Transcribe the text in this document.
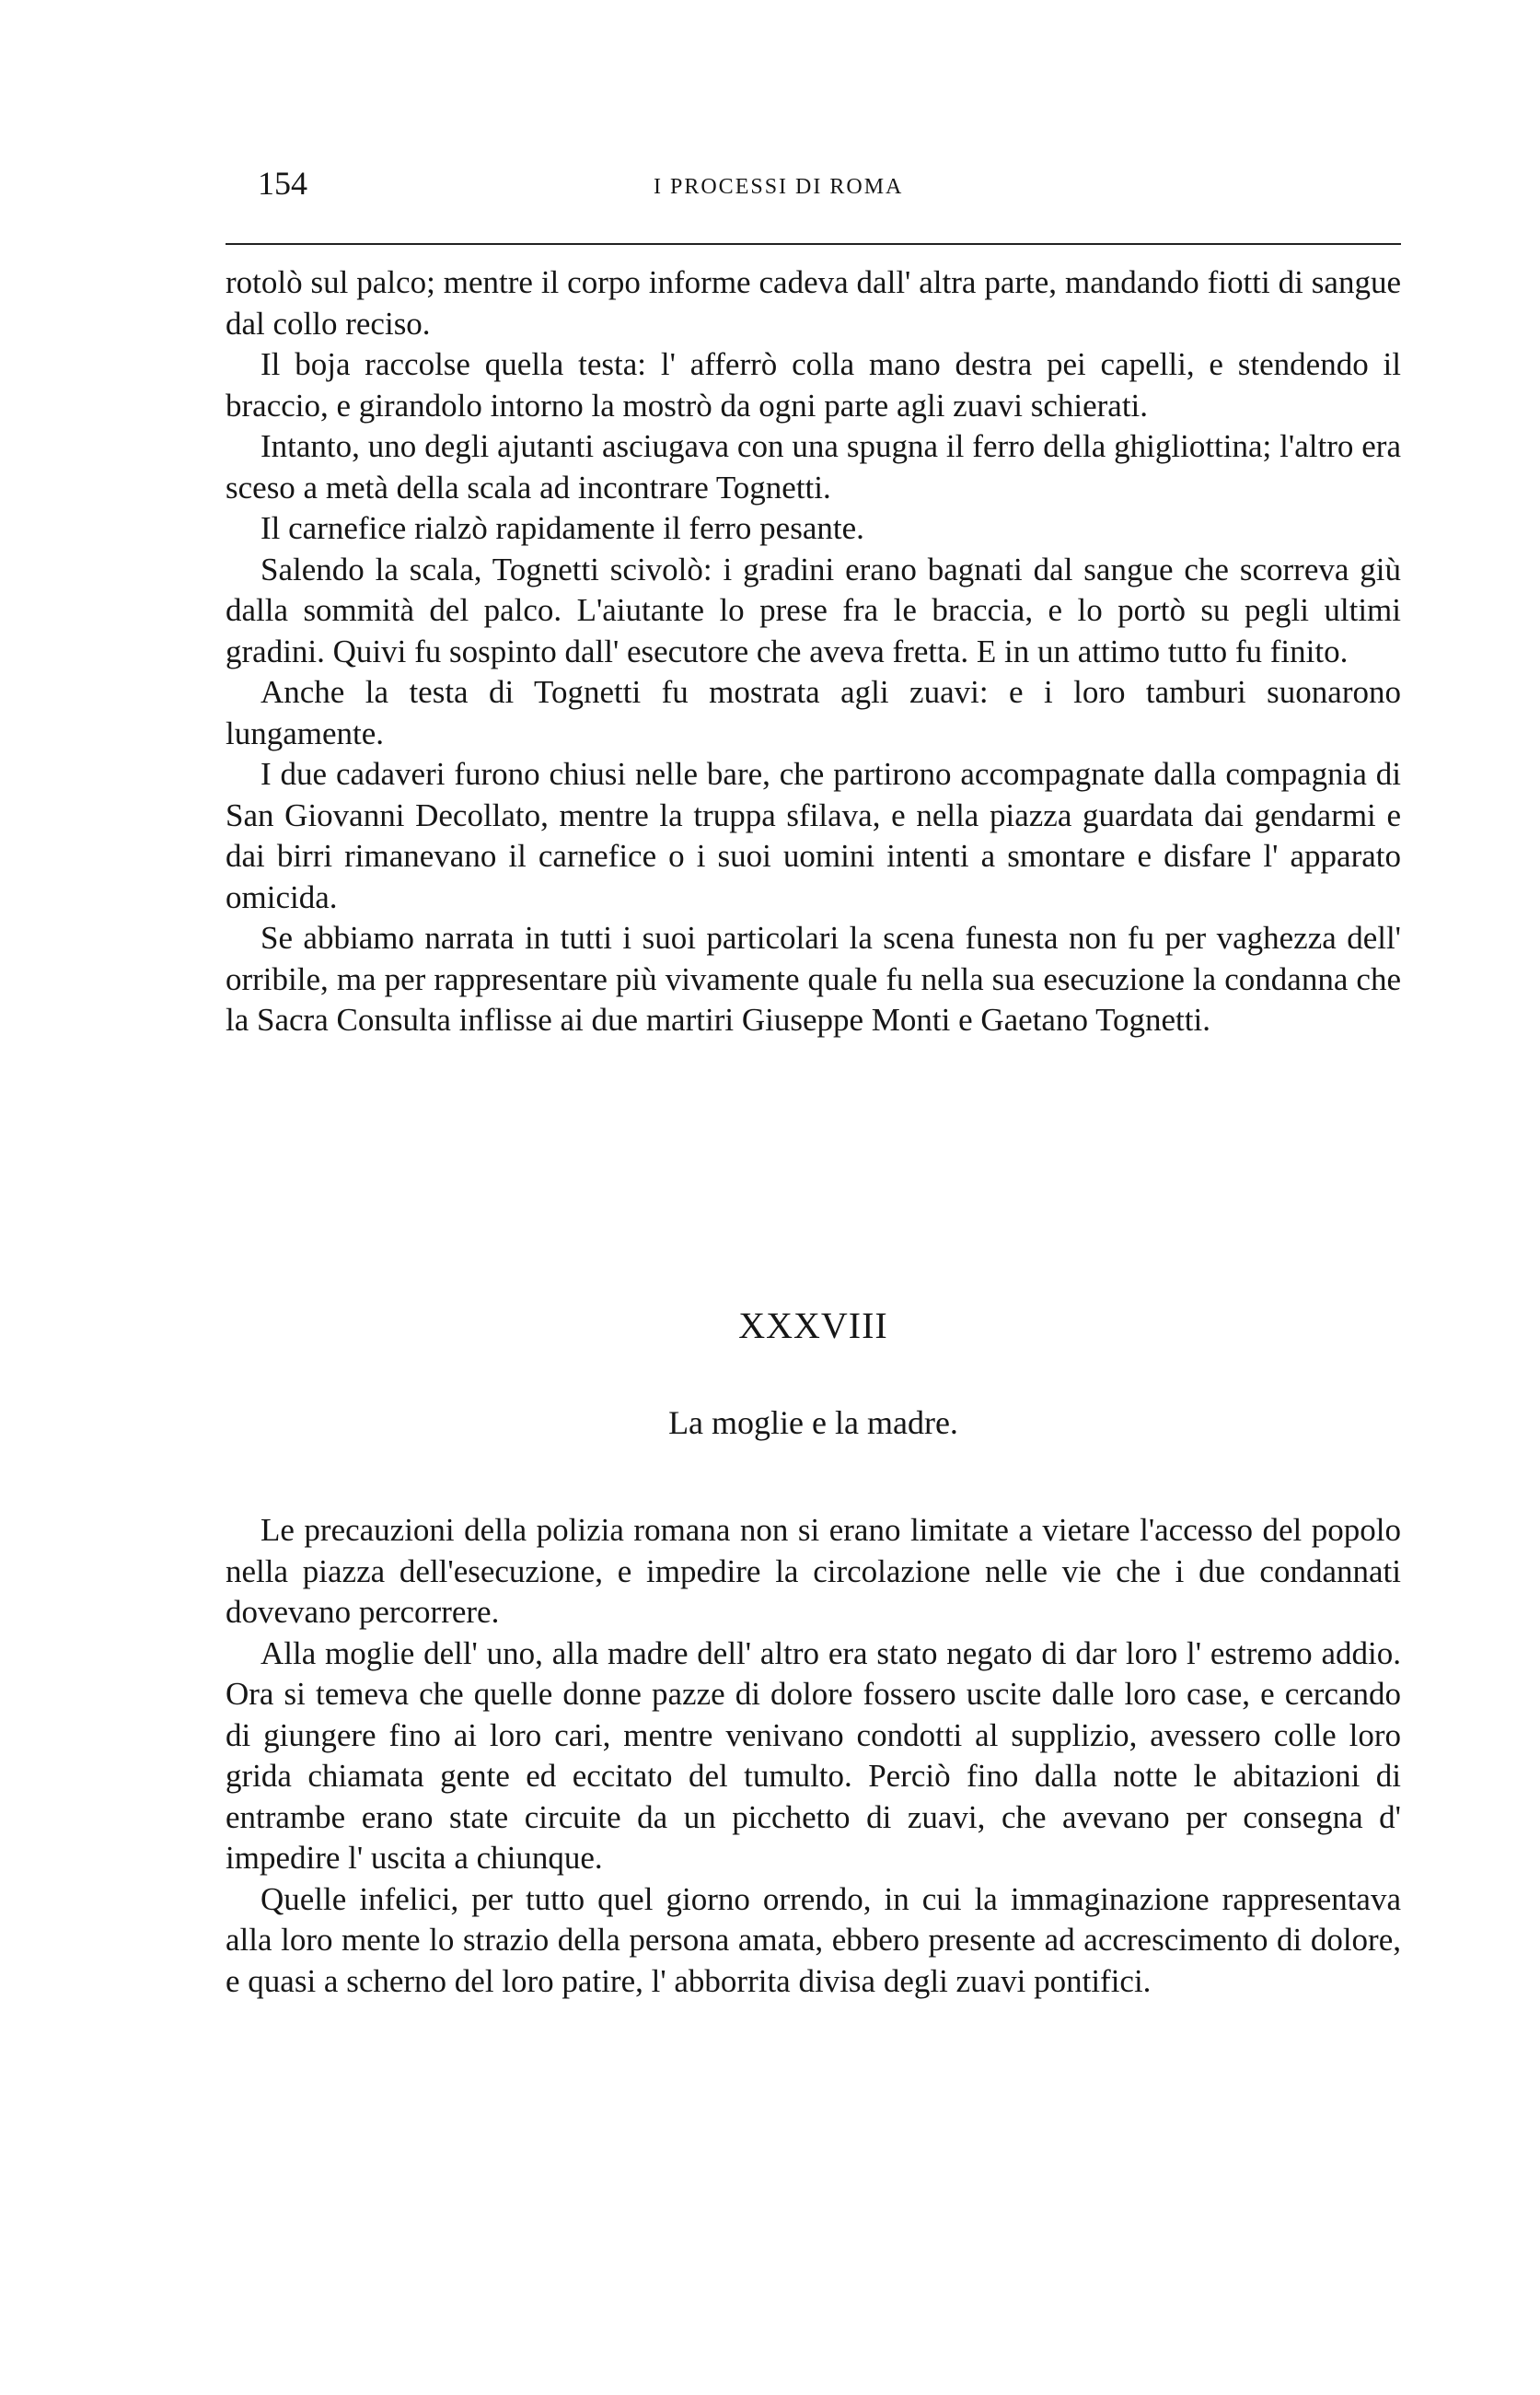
154	I PROCESSI DI ROMA

rotolò sul palco; mentre il corpo informe cadeva dall' altra parte, mandando fiotti di sangue dal collo reciso.

Il boja raccolse quella testa: l' afferrò colla mano destra pei capelli, e stendendo il braccio, e girandolo intorno la mostrò da ogni parte agli zuavi schierati.

Intanto, uno degli ajutanti asciugava con una spugna il ferro della ghigliottina; l'altro era sceso a metà della scala ad incontrare Tognetti.

Il carnefice rialzò rapidamente il ferro pesante.

Salendo la scala, Tognetti scivolò: i gradini erano bagnati dal sangue che scorreva giù dalla sommità del palco. L'aiutante lo prese fra le braccia, e lo portò su pegli ultimi gradini. Quivi fu sospinto dall' esecutore che aveva fretta. E in un attimo tutto fu finito.

Anche la testa di Tognetti fu mostrata agli zuavi: e i loro tamburi suonarono lungamente.

I due cadaveri furono chiusi nelle bare, che partirono accompagnate dalla compagnia di San Giovanni Decollato, mentre la truppa sfilava, e nella piazza guardata dai gendarmi e dai birri rimanevano il carnefice o i suoi uomini intenti a smontare e disfare l' apparato omicida.

Se abbiamo narrata in tutti i suoi particolari la scena funesta non fu per vaghezza dell' orribile, ma per rappresentare più vivamente quale fu nella sua esecuzione la condanna che la Sacra Consulta inflisse ai due martiri Giuseppe Monti e Gaetano Tognetti.

XXXVIII
La moglie e la madre.

Le precauzioni della polizia romana non si erano limitate a vietare l'accesso del popolo nella piazza dell'esecuzione, e impedire la circolazione nelle vie che i due condannati dovevano percorrere.

Alla moglie dell' uno, alla madre dell' altro era stato negato di dar loro l' estremo addio. Ora si temeva che quelle donne pazze di dolore fossero uscite dalle loro case, e cercando di giungere fino ai loro cari, mentre venivano condotti al supplizio, avessero colle loro grida chiamata gente ed eccitato del tumulto. Perciò fino dalla notte le abitazioni di entrambe erano state circuite da un picchetto di zuavi, che avevano per consegna d' impedire l' uscita a chiunque.

Quelle infelici, per tutto quel giorno orrendo, in cui la immaginazione rappresentava alla loro mente lo strazio della persona amata, ebbero presente ad accrescimento di dolore, e quasi a scherno del loro patire, l' abborrita divisa degli zuavi pontifici.
